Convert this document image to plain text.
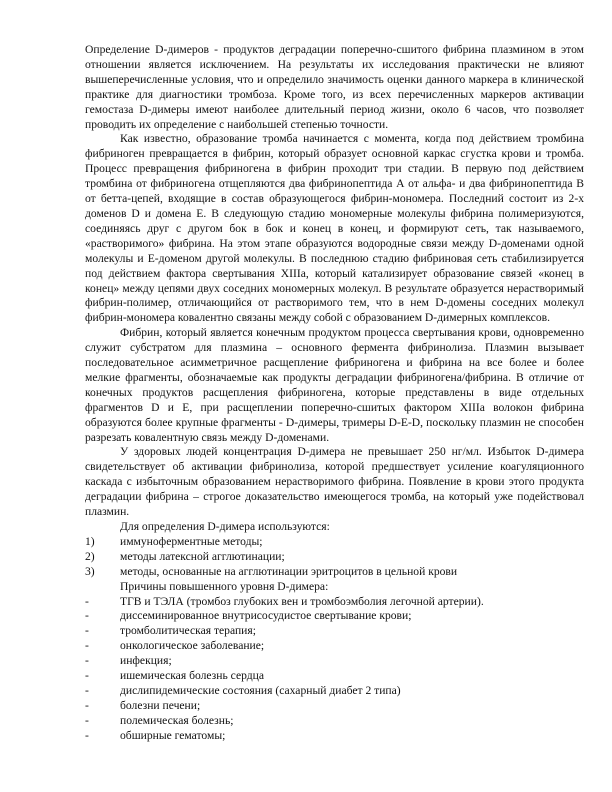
Определение D-димеров - продуктов деградации поперечно-сшитого фибрина плазмином в этом отношении является исключением. На результаты их исследования практически не влияют вышеперечисленные условия, что и определило значимость оценки данного маркера в клинической практике для диагностики тромбоза. Кроме того, из всех перечисленных маркеров активации гемостаза D-димеры имеют наиболее длительный период жизни, около 6 часов, что позволяет проводить их определение с наибольшей степенью точности.

Как известно, образование тромба начинается с момента, когда под действием тромбина фибриноген превращается в фибрин, который образует основной каркас сгустка крови и тромба. Процесс превращения фибриногена в фибрин проходит три стадии. В первую под действием тромбина от фибриногена отщепляются два фибринопептида А от альфа- и два фибринопептида В от бетта-цепей, входящие в состав образующегося фибрин-мономера. Последний состоит из 2-х доменов D и домена E. В следующую стадию мономерные молекулы фибрина полимеризуются, соединяясь друг с другом бок в бок и конец в конец, и формируют сеть, так называемого, «растворимого» фибрина. На этом этапе образуются водородные связи между D-доменами одной молекулы и E-доменом другой молекулы. В последнюю стадию фибриновая сеть стабилизируется под действием фактора свертывания XIIIa, который катализирует образование связей «конец в конец» между цепями двух соседних мономерных молекул. В результате образуется нерастворимый фибрин-полимер, отличающийся от растворимого тем, что в нем D-домены соседних молекул фибрин-мономера ковалентно связаны между собой с образованием D-димерных комплексов.

Фибрин, который является конечным продуктом процесса свертывания крови, одновременно служит субстратом для плазмина – основного фермента фибринолиза. Плазмин вызывает последовательное асимметричное расщепление фибриногена и фибрина на все более и более мелкие фрагменты, обозначаемые как продукты деградации фибриногена/фибрина. В отличие от конечных продуктов расщепления фибриногена, которые представлены в виде отдельных фрагментов D и E, при расщеплении поперечно-сшитых фактором XIIIa волокон фибрина образуются более крупные фрагменты - D-димеры, тримеры D-E-D, поскольку плазмин не способен разрезать ковалентную связь между D-доменами.

У здоровых людей концентрация D-димера не превышает 250 нг/мл. Избыток D-димера свидетельствует об активации фибринолиза, которой предшествует усиление коагуляционного каскада с избыточным образованием нерастворимого фибрина. Появление в крови этого продукта деградации фибрина – строгое доказательство имеющегося тромба, на который уже подействовал плазмин.

Для определения D-димера используются:

1)	иммуноферментные методы;
2)	методы латексной агглютинации;
3)	методы, основанные на агглютинации эритроцитов в цельной крови

Причины повышенного уровня D-димера:

-	ТГВ и ТЭЛА (тромбоз глубоких вен и тромбоэмболия легочной артерии).
-	диссеминированное внутрисосудистое свертывание крови;
-	тромболитическая терапия;
-	онкологическое заболевание;
-	инфекция;
-	ишемическая болезнь сердца
-	дислипидемические состояния (сахарный диабет 2 типа)
-	болезни печени;
-	полемическая болезнь;
-	обширные гематомы;
